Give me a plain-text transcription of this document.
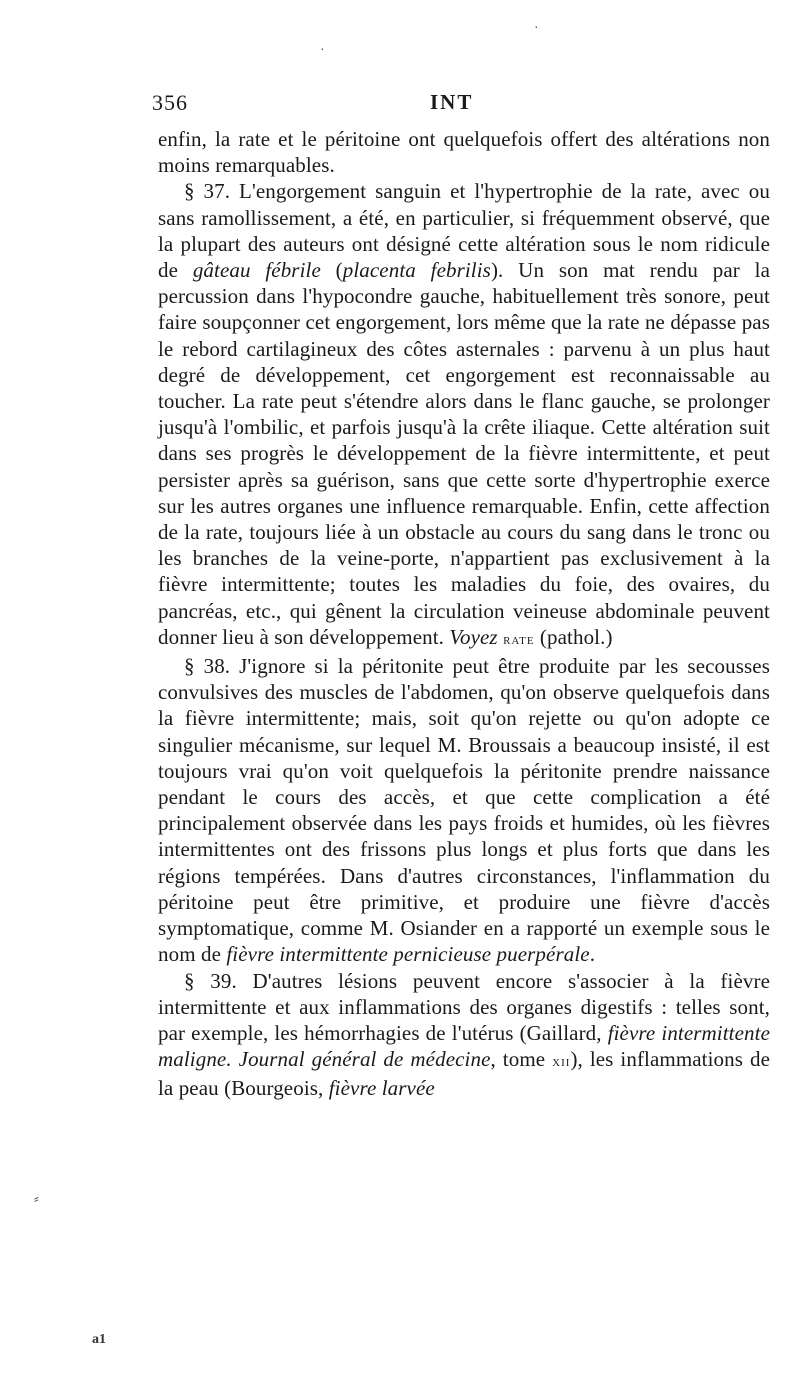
356	INT

enfin, la rate et le péritoine ont quelquefois offert des altérations non moins remarquables.

§ 37. L'engorgement sanguin et l'hypertrophie de la rate, avec ou sans ramollissement, a été, en particulier, si fréquemment observé, que la plupart des auteurs ont désigné cette altération sous le nom ridicule de gâteau fébrile (placenta febrilis). Un son mat rendu par la percussion dans l'hypocondre gauche, habituellement très sonore, peut faire soupçonner cet engorgement, lors même que la rate ne dépasse pas le rebord cartilagineux des côtes asternales : parvenu à un plus haut degré de développement, cet engorgement est reconnaissable au toucher. La rate peut s'étendre alors dans le flanc gauche, se prolonger jusqu'à l'ombilic, et parfois jusqu'à la crête iliaque. Cette altération suit dans ses progrès le développement de la fièvre intermittente, et peut persister après sa guérison, sans que cette sorte d'hypertrophie exerce sur les autres organes une influence remarquable. Enfin, cette affection de la rate, toujours liée à un obstacle au cours du sang dans le tronc ou les branches de la veine-porte, n'appartient pas exclusivement à la fièvre intermittente; toutes les maladies du foie, des ovaires, du pancréas, etc., qui gênent la circulation veineuse abdominale peuvent donner lieu à son développement. Voyez rate (pathol.)

§ 38. J'ignore si la péritonite peut être produite par les secousses convulsives des muscles de l'abdomen, qu'on observe quelquefois dans la fièvre intermittente; mais, soit qu'on rejette ou qu'on adopte ce singulier mécanisme, sur lequel M. Broussais a beaucoup insisté, il est toujours vrai qu'on voit quelquefois la péritonite prendre naissance pendant le cours des accès, et que cette complication a été principalement observée dans les pays froids et humides, où les fièvres intermittentes ont des frissons plus longs et plus forts que dans les régions tempérées. Dans d'autres circonstances, l'inflammation du péritoine peut être primitive, et produire une fièvre d'accès symptomatique, comme M. Osiander en a rapporté un exemple sous le nom de fièvre intermittente pernicieuse puerpérale.

§ 39. D'autres lésions peuvent encore s'associer à la fièvre intermittente et aux inflammations des organes digestifs : telles sont, par exemple, les hémorrhagies de l'utérus (Gaillard, fièvre intermittente maligne. Journal général de médecine, tome xii), les inflammations de la peau (Bourgeois, fièvre larvée

·
·
⸗
a1
